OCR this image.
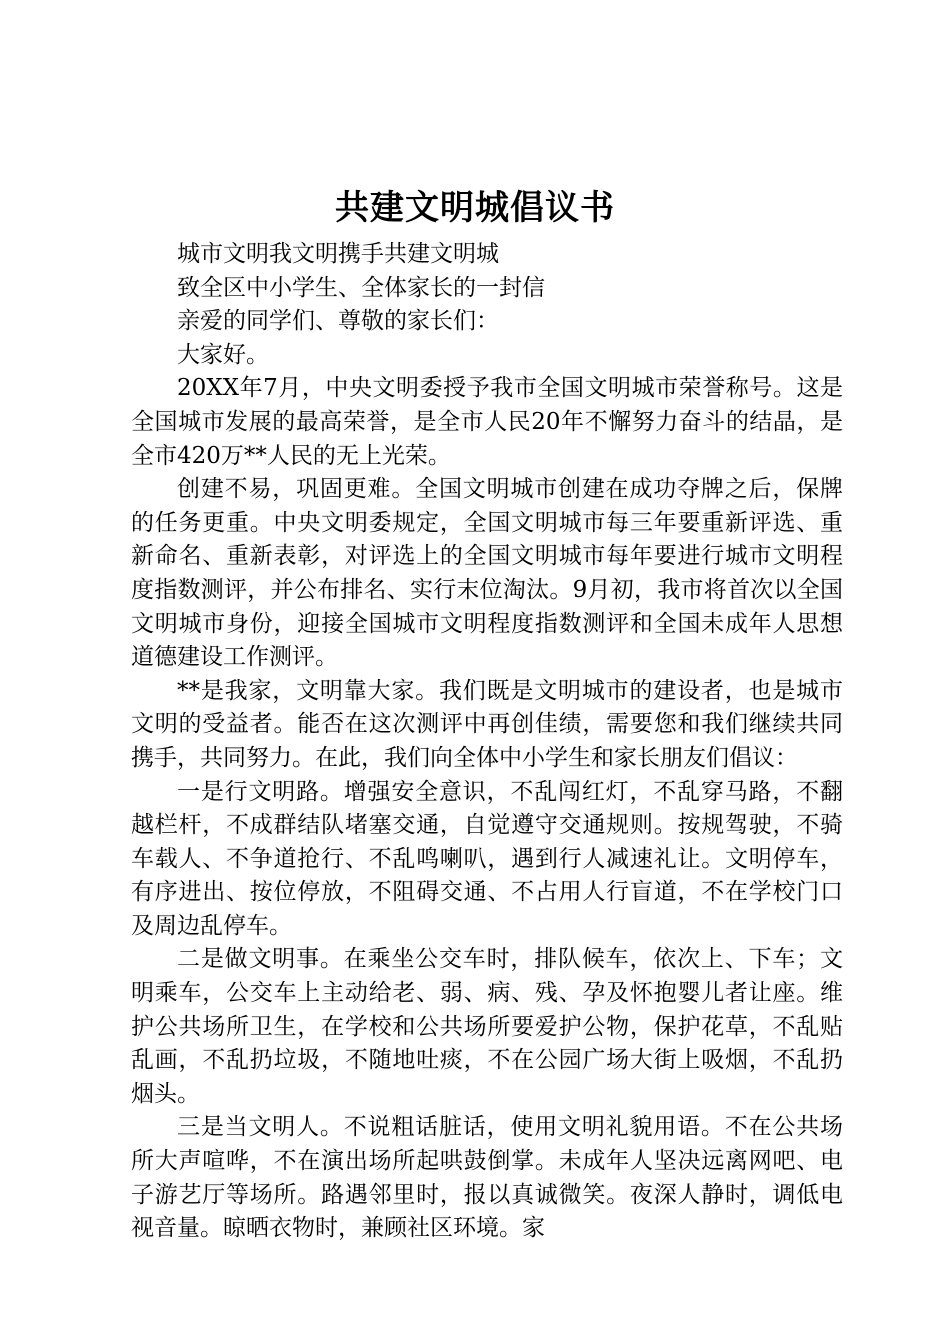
共建文明城倡议书

城市文明我文明携手共建文明城

致全区中小学生、全体家长的一封信

亲爱的同学们、尊敬的家长们：

大家好。

20XX年7月，中央文明委授予我市全国文明城市荣誉称号。这是全国城市发展的最高荣誉，是全市人民20年不懈努力奋斗的结晶，是全市420万**人民的无上光荣。

创建不易，巩固更难。全国文明城市创建在成功夺牌之后，保牌的任务更重。中央文明委规定，全国文明城市每三年要重新评选、重新命名、重新表彰，对评选上的全国文明城市每年要进行城市文明程度指数测评，并公布排名、实行末位淘汰。9月初，我市将首次以全国文明城市身份，迎接全国城市文明程度指数测评和全国未成年人思想道德建设工作测评。

**是我家，文明靠大家。我们既是文明城市的建设者，也是城市文明的受益者。能否在这次测评中再创佳绩，需要您和我们继续共同携手，共同努力。在此，我们向全体中小学生和家长朋友们倡议：

一是行文明路。增强安全意识，不乱闯红灯，不乱穿马路，不翻越栏杆，不成群结队堵塞交通，自觉遵守交通规则。按规驾驶，不骑车载人、不争道抢行、不乱鸣喇叭，遇到行人减速礼让。文明停车，有序进出、按位停放，不阻碍交通、不占用人行盲道，不在学校门口及周边乱停车。

二是做文明事。在乘坐公交车时，排队候车，依次上、下车；文明乘车，公交车上主动给老、弱、病、残、孕及怀抱婴儿者让座。维护公共场所卫生，在学校和公共场所要爱护公物，保护花草，不乱贴乱画，不乱扔垃圾，不随地吐痰，不在公园广场大街上吸烟，不乱扔烟头。

三是当文明人。不说粗话脏话，使用文明礼貌用语。不在公共场所大声喧哗，不在演出场所起哄鼓倒掌。未成年人坚决远离网吧、电子游艺厅等场所。路遇邻里时，报以真诚微笑。夜深人静时，调低电视音量。晾晒衣物时，兼顾社区环境。家
